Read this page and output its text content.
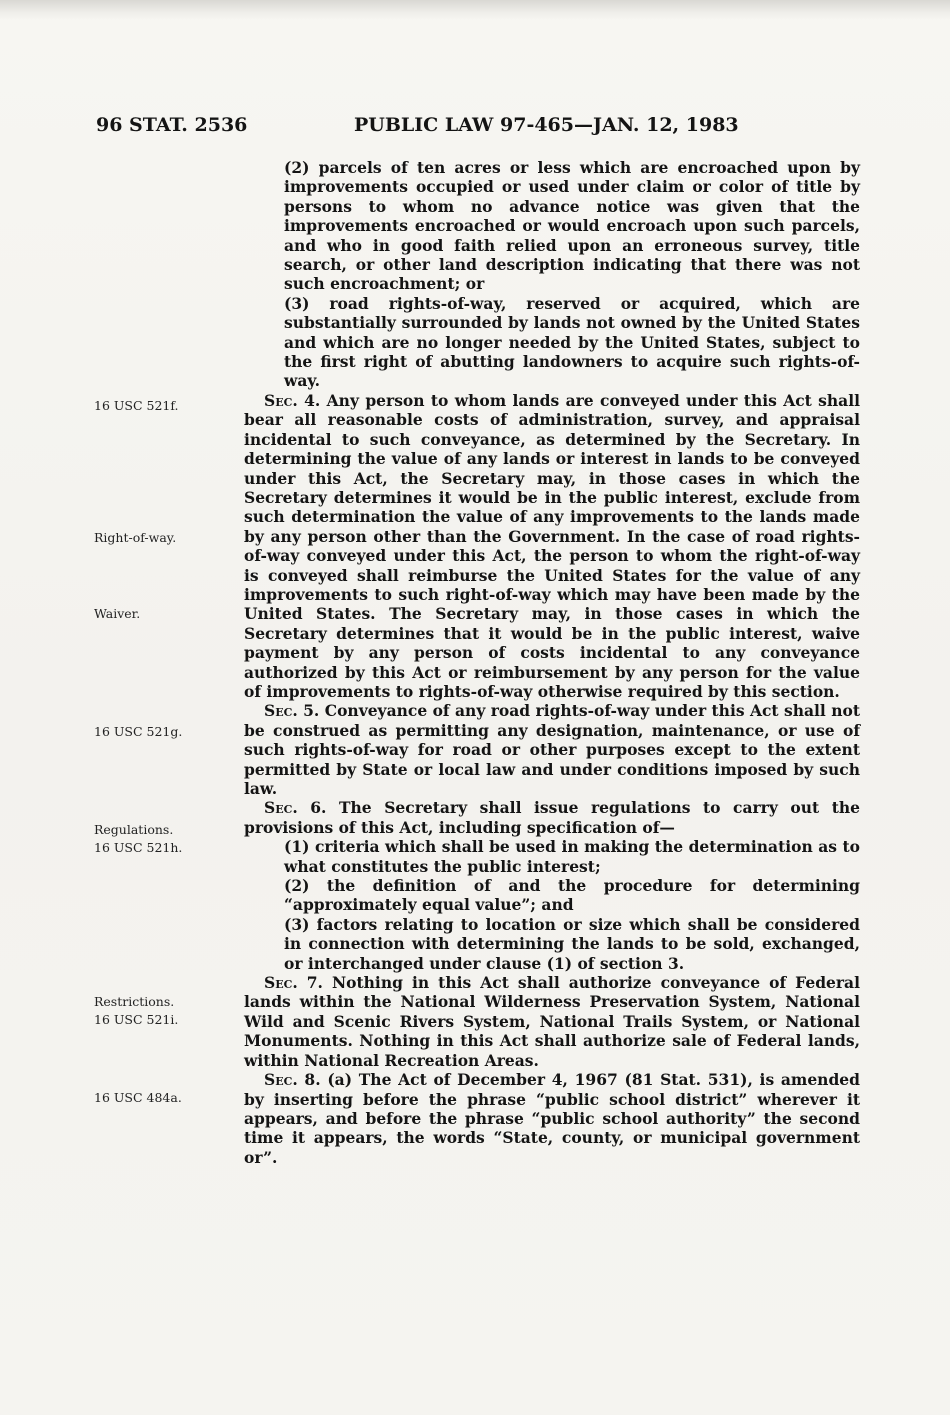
96 STAT. 2536	PUBLIC LAW 97-465—JAN. 12, 1983
16 USC 521f.
Right-of-way.
Waiver.
16 USC 521g.
Regulations.
16 USC 521h.
Restrictions.
16 USC 521i.
16 USC 484a.

(2) parcels of ten acres or less which are encroached upon by improvements occupied or used under claim or color of title by persons to whom no advance notice was given that the improvements encroached or would encroach upon such parcels, and who in good faith relied upon an erroneous survey, title search, or other land description indicating that there was not such encroachment; or

(3) road rights-of-way, reserved or acquired, which are substantially surrounded by lands not owned by the United States and which are no longer needed by the United States, subject to the first right of abutting landowners to acquire such rights-of-way.

Sec. 4. Any person to whom lands are conveyed under this Act shall bear all reasonable costs of administration, survey, and appraisal incidental to such conveyance, as determined by the Secretary. In determining the value of any lands or interest in lands to be conveyed under this Act, the Secretary may, in those cases in which the Secretary determines it would be in the public interest, exclude from such determination the value of any improvements to the lands made by any person other than the Government. In the case of road rights-of-way conveyed under this Act, the person to whom the right-of-way is conveyed shall reimburse the United States for the value of any improvements to such right-of-way which may have been made by the United States. The Secretary may, in those cases in which the Secretary determines that it would be in the public interest, waive payment by any person of costs incidental to any conveyance authorized by this Act or reimbursement by any person for the value of improvements to rights-of-way otherwise required by this section.

Sec. 5. Conveyance of any road rights-of-way under this Act shall not be construed as permitting any designation, maintenance, or use of such rights-of-way for road or other purposes except to the extent permitted by State or local law and under conditions imposed by such law.

Sec. 6. The Secretary shall issue regulations to carry out the provisions of this Act, including specification of—

(1) criteria which shall be used in making the determination as to what constitutes the public interest;

(2) the definition of and the procedure for determining “approximately equal value”; and

(3) factors relating to location or size which shall be considered in connection with determining the lands to be sold, exchanged, or interchanged under clause (1) of section 3.

Sec. 7. Nothing in this Act shall authorize conveyance of Federal lands within the National Wilderness Preservation System, National Wild and Scenic Rivers System, National Trails System, or National Monuments. Nothing in this Act shall authorize sale of Federal lands, within National Recreation Areas.

Sec. 8. (a) The Act of December 4, 1967 (81 Stat. 531), is amended by inserting before the phrase “public school district” wherever it appears, and before the phrase “public school authority” the second time it appears, the words “State, county, or municipal government or”.
